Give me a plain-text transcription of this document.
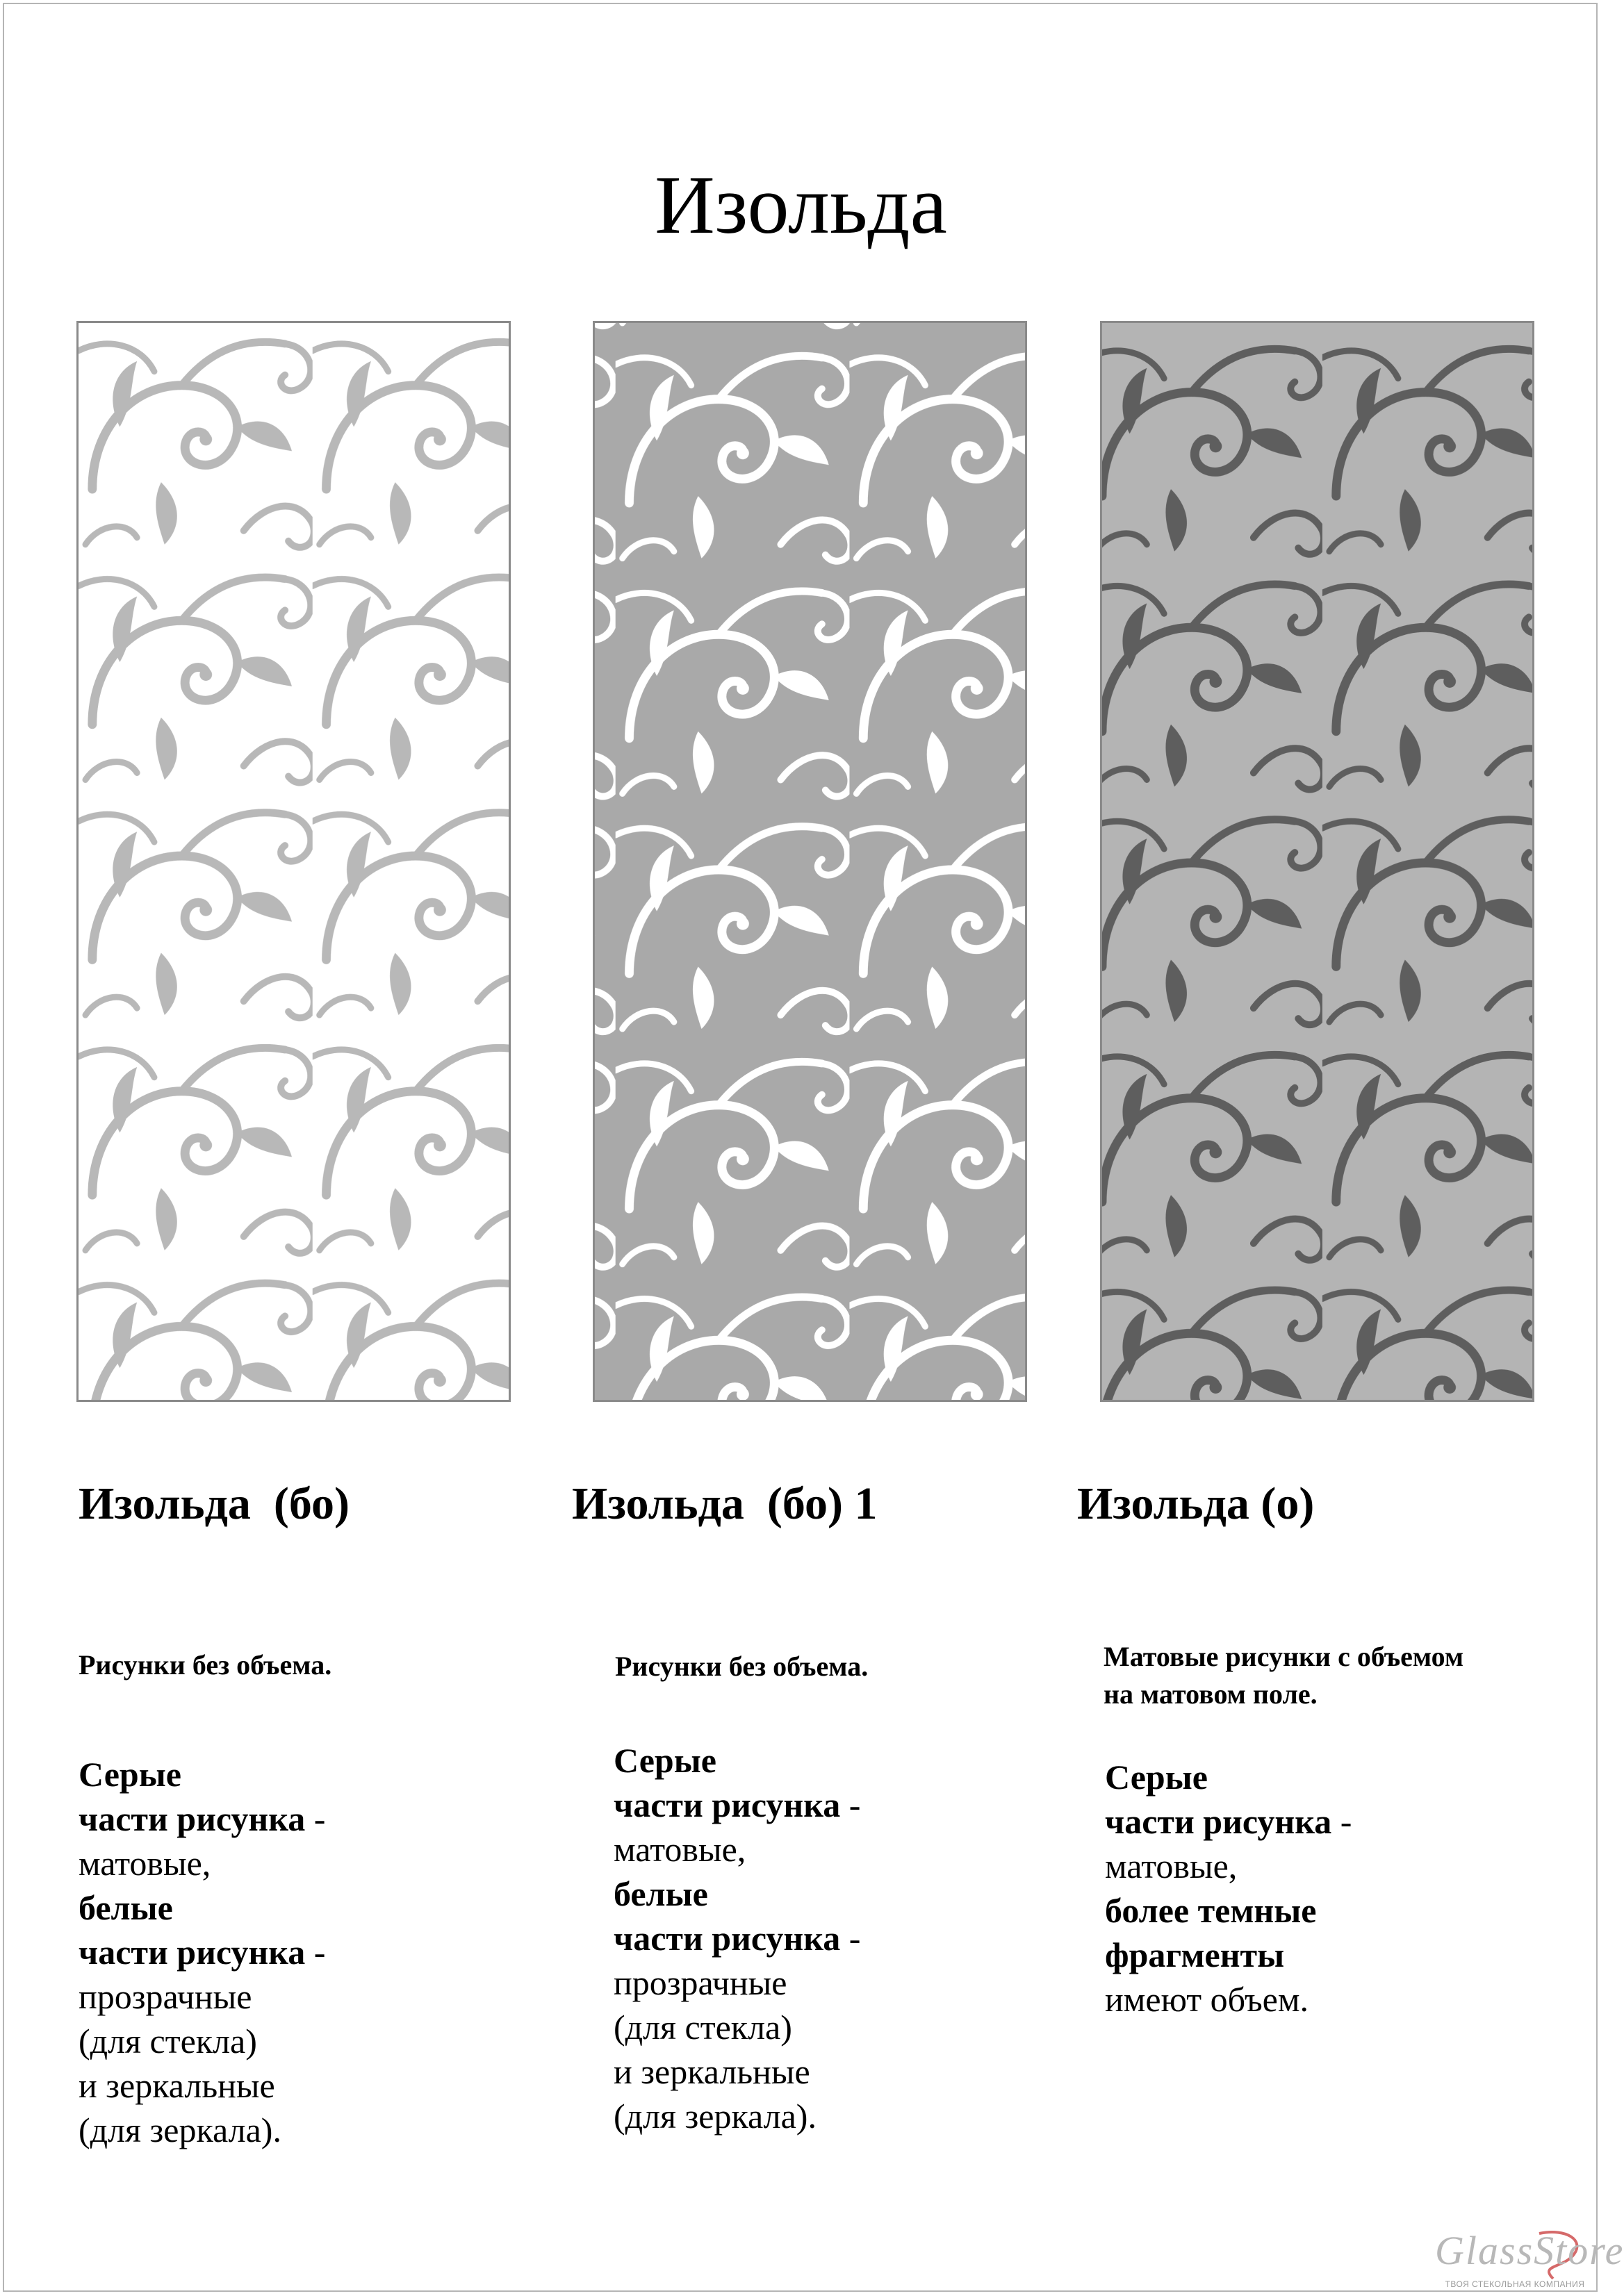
Изольда
Изольда  (бо)
Рисунки без объема.
Серые
части рисунка -
матовые,
белые
части рисунка -
прозрачные
(для стекла)
и зеркальные
(для зеркала).
Изольда  (бо) 1
Рисунки без объема.
Серые
части рисунка -
матовые,
белые
части рисунка -
прозрачные
(для стекла)
и зеркальные
(для зеркала).
Изольда (о)
Матовые рисунки с объемом
на матовом поле.
Серые
части рисунка -
матовые,
более темные
фрагменты
имеют объем.
GlassStore
ТВОЯ СТЕКОЛЬНАЯ КОМПАНИЯ
